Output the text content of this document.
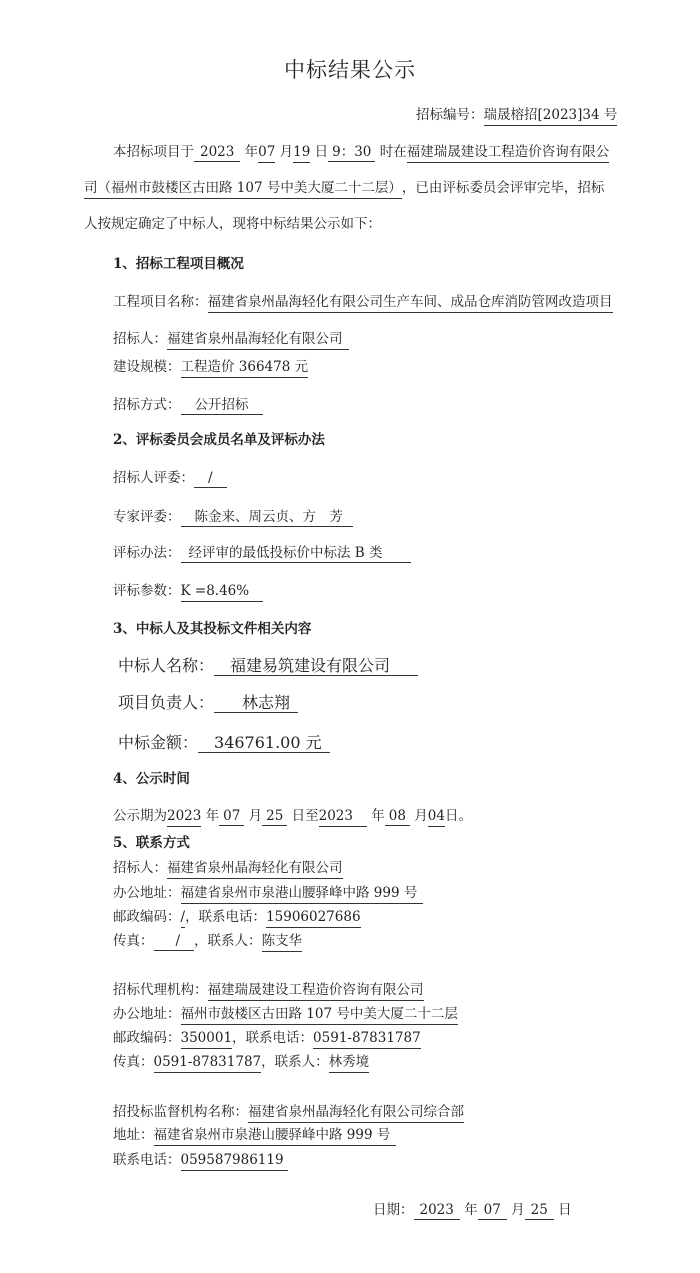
中标结果公示
招标编号：瑞晟榕招[2023]34 号
本招标项目于 2023 年07 月19 日 9：30 时在福建瑞晟建设工程造价咨询有限公
司（福州市鼓楼区古田路 107 号中美大厦二十二层），已由评标委员会评审完毕，招标
人按规定确定了中标人，现将中标结果公示如下：
1、招标工程项目概况
工程项目名称：福建省泉州晶海轻化有限公司生产车间、成品仓库消防管网改造项目
招标人：福建省泉州晶海轻化有限公司
建设规模：工程造价 366478 元
招标方式： 公开招标
2、评标委员会成员名单及评标办法
招标人评委： /
专家评委： 陈金来、周云贞、方　芳
评标办法： 经评审的最低投标价中标法 B 类
评标参数：K =8.46%
3、中标人及其投标文件相关内容
中标人名称： 福建易筑建设有限公司
项目负责人： 林志翔
中标金额： 346761.00 元
4、公示时间
公示期为2023 年 07 月 25 日至2023 年 08 月04日。
5、联系方式
招标人：福建省泉州晶海轻化有限公司
办公地址：福建省泉州市泉港山腰驿峰中路 999 号
邮政编码：/，联系电话：15906027686
传真： / ，联系人：陈支华
招标代理机构：福建瑞晟建设工程造价咨询有限公司
办公地址：福州市鼓楼区古田路 107 号中美大厦二十二层
邮政编码：350001，联系电话：0591-87831787
传真：0591-87831787，联系人：林秀境
招投标监督机构名称：福建省泉州晶海轻化有限公司综合部
地址：福建省泉州市泉港山腰驿峰中路 999 号
联系电话：059587986119
日期： 2023 年 07 月 25 日
